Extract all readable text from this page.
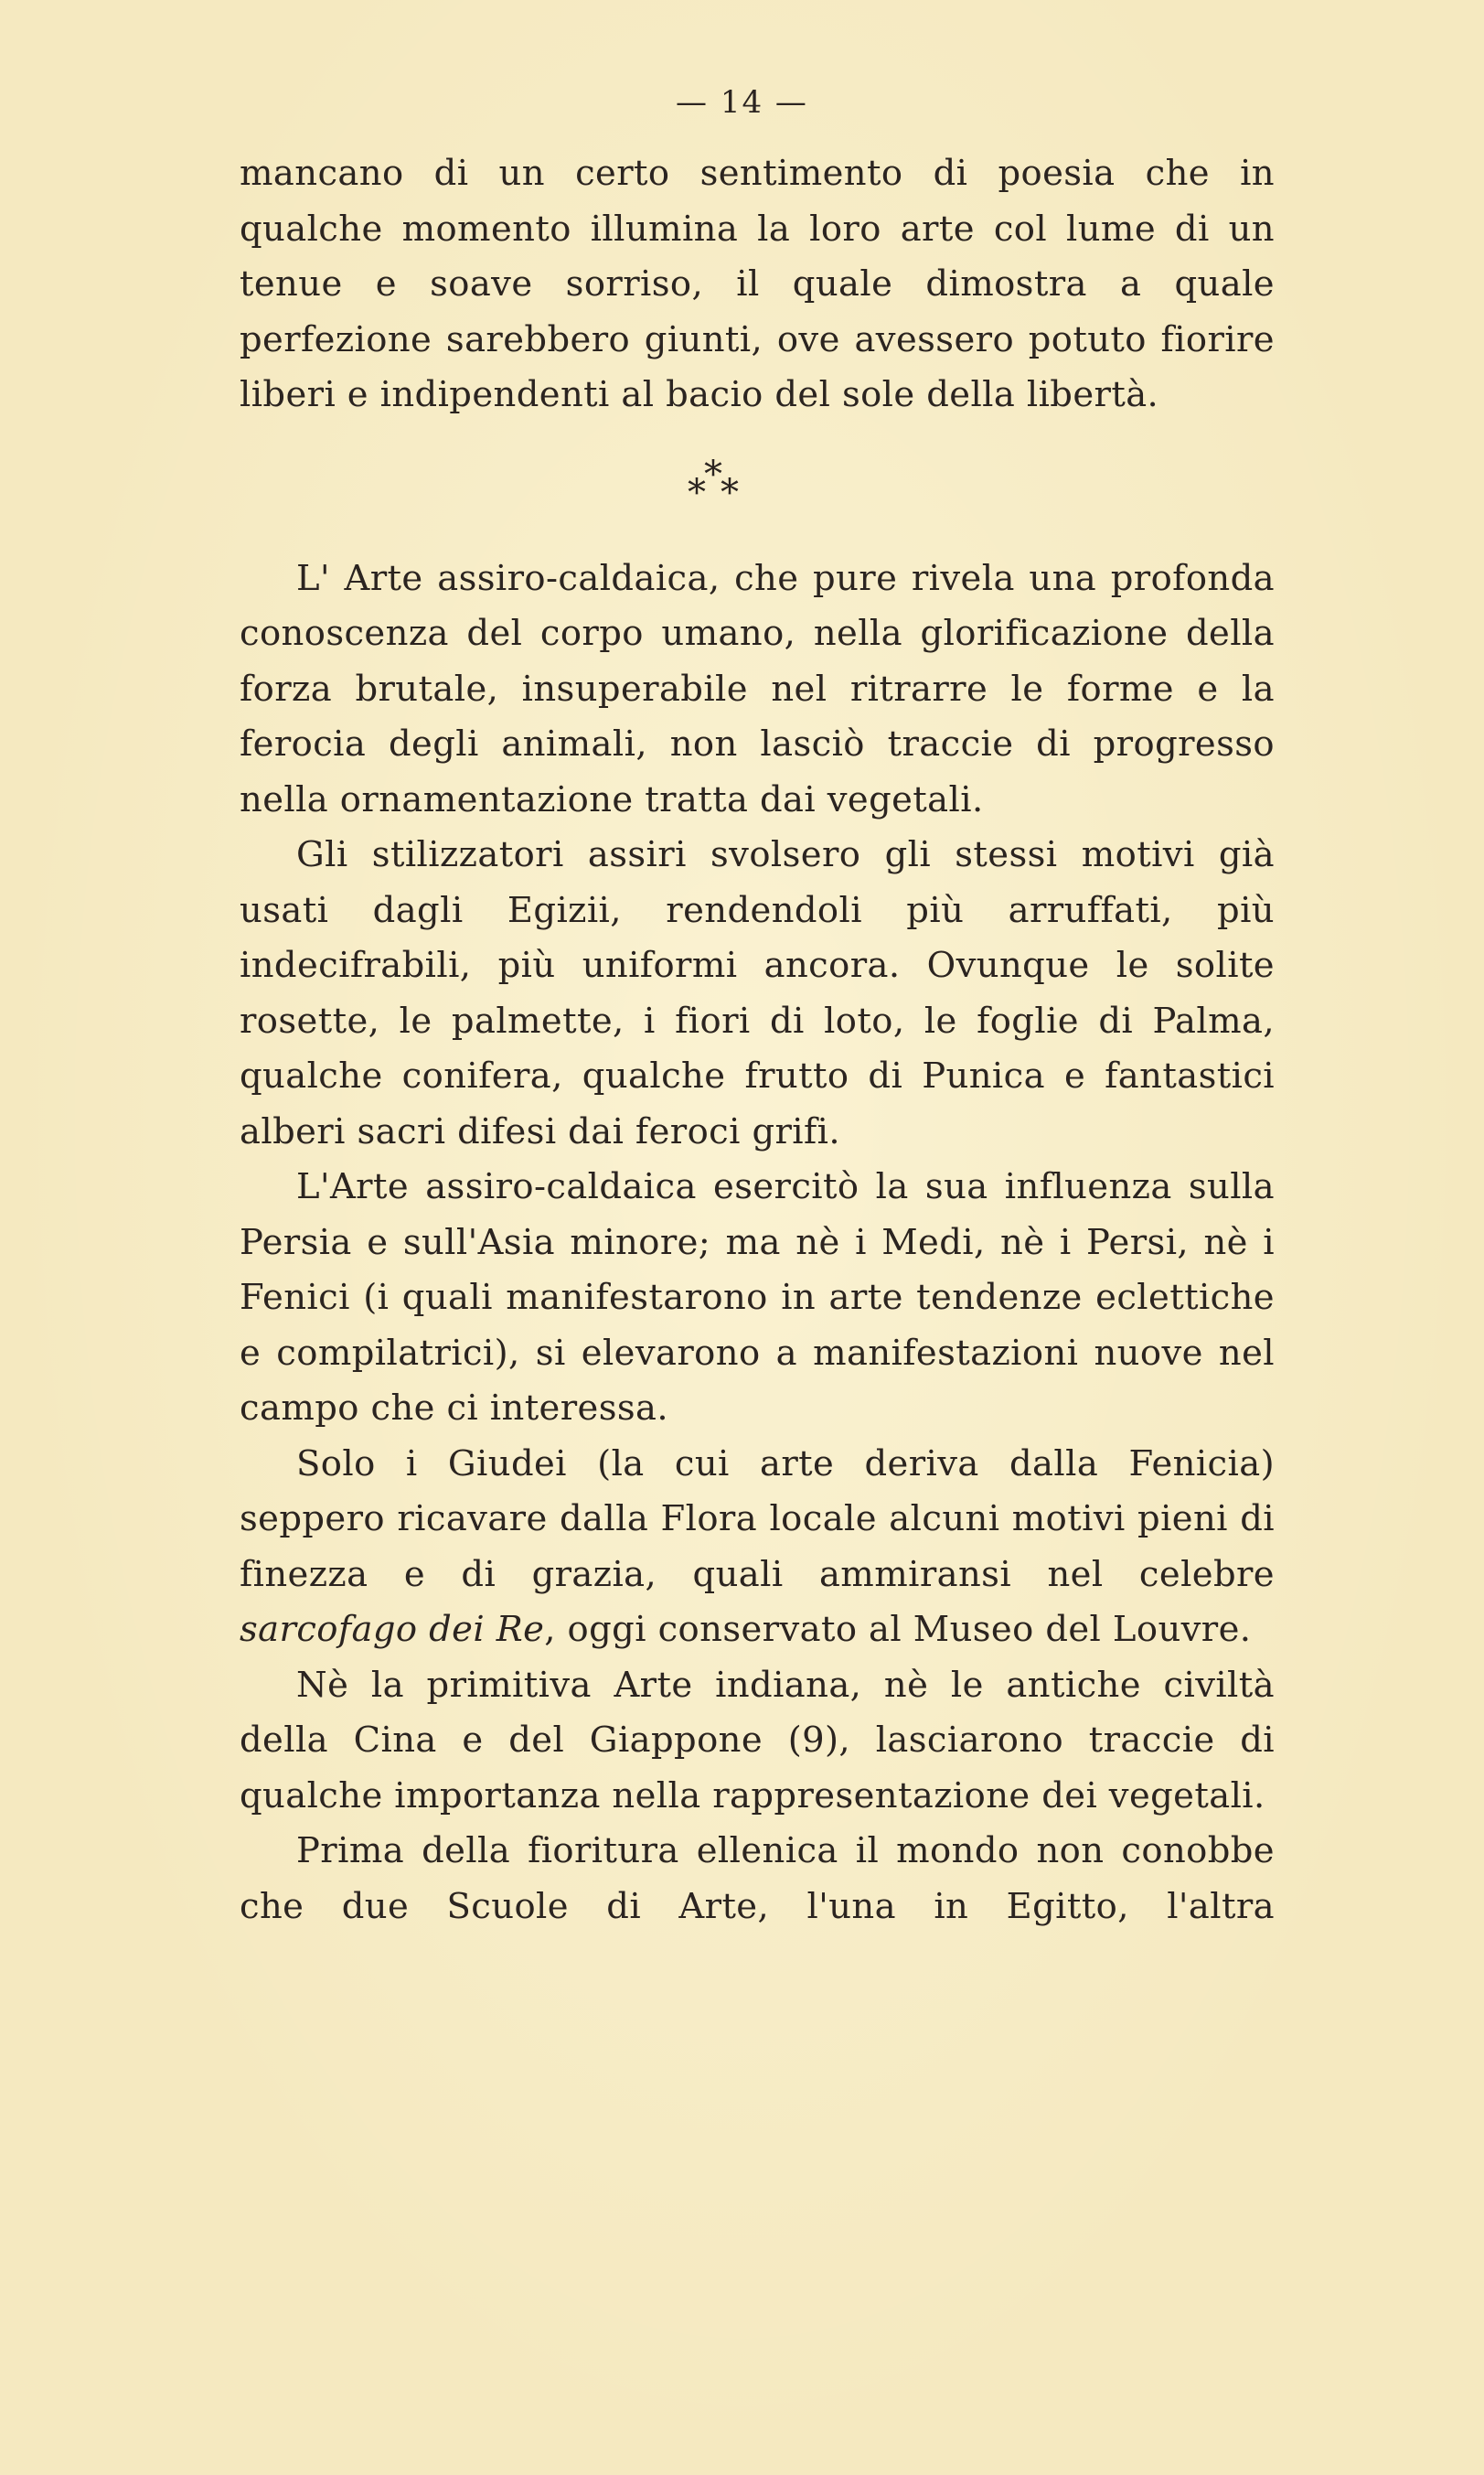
— 14 —

mancano di un certo sentimento di poesia che in qualche momento illumina la loro arte col lume di un tenue e soave sorriso, il quale dimostra a quale perfezione sarebbero giunti, ove avessero potuto fiorire liberi e indipendenti al bacio del sole della libertà.

*
* *

L' Arte assiro-caldaica, che pure rivela una profonda conoscenza del corpo umano, nella glorificazione della forza brutale, insuperabile nel ritrarre le forme e la ferocia degli animali, non lasciò traccie di progresso nella ornamentazione tratta dai vegetali.

Gli stilizzatori assiri svolsero gli stessi motivi già usati dagli Egizii, rendendoli più arruffati, più indecifrabili, più uniformi ancora. Ovunque le solite rosette, le palmette, i fiori di loto, le foglie di Palma, qualche conifera, qualche frutto di Punica e fantastici alberi sacri difesi dai feroci grifi.

L'Arte assiro-caldaica esercitò la sua influenza sulla Persia e sull'Asia minore; ma nè i Medi, nè i Persi, nè i Fenici (i quali manifestarono in arte tendenze eclettiche e compilatrici), si elevarono a manifestazioni nuove nel campo che ci interessa.

Solo i Giudei (la cui arte deriva dalla Fenicia) seppero ricavare dalla Flora locale alcuni motivi pieni di finezza e di grazia, quali ammiransi nel celebre sarcofago dei Re, oggi conservato al Museo del Louvre.

Nè la primitiva Arte indiana, nè le antiche civiltà della Cina e del Giappone (9), lasciarono traccie di qualche importanza nella rappresentazione dei vegetali.

Prima della fioritura ellenica il mondo non conobbe che due Scuole di Arte, l'una in Egitto, l'altra
